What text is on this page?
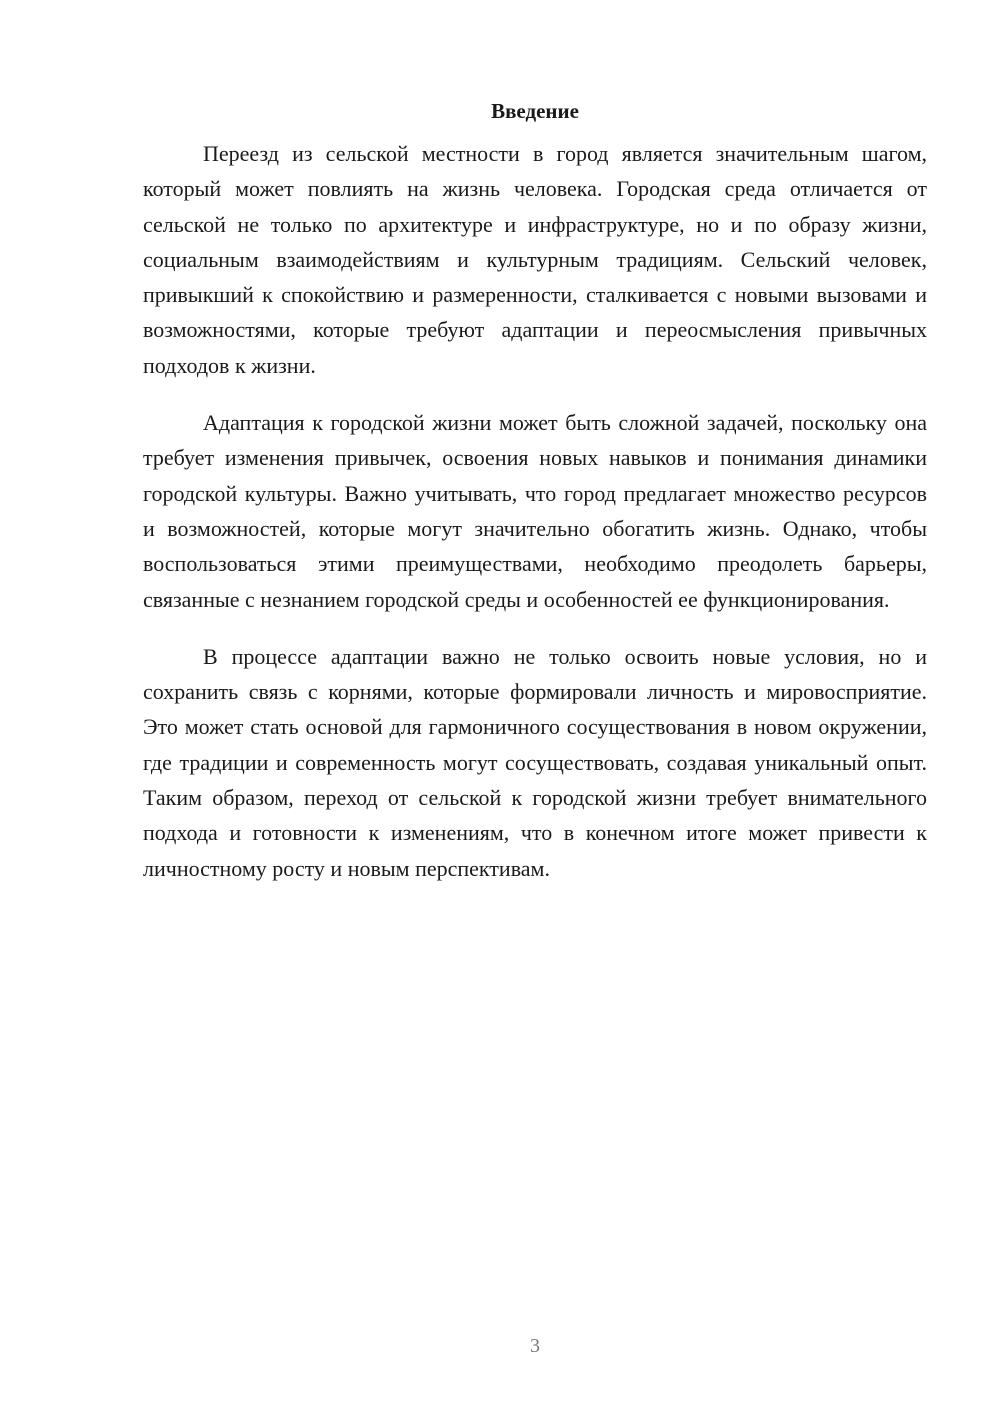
Введение

Переезд из сельской местности в город является значительным шагом, который может повлиять на жизнь человека. Городская среда отличается от сельской не только по архитектуре и инфраструктуре, но и по образу жизни, социальным взаимодействиям и культурным традициям. Сельский человек, привыкший к спокойствию и размеренности, сталкивается с новыми вызовами и возможностями, которые требуют адаптации и переосмысления привычных подходов к жизни.

Адаптация к городской жизни может быть сложной задачей, поскольку она требует изменения привычек, освоения новых навыков и понимания динамики городской культуры. Важно учитывать, что город предлагает множество ресурсов и возможностей, которые могут значительно обогатить жизнь. Однако, чтобы воспользоваться этими преимуществами, необходимо преодолеть барьеры, связанные с незнанием городской среды и особенностей ее функционирования.

В процессе адаптации важно не только освоить новые условия, но и сохранить связь с корнями, которые формировали личность и мировосприятие. Это может стать основой для гармоничного сосуществования в новом окружении, где традиции и современность могут сосуществовать, создавая уникальный опыт. Таким образом, переход от сельской к городской жизни требует внимательного подхода и готовности к изменениям, что в конечном итоге может привести к личностному росту и новым перспективам.

3
